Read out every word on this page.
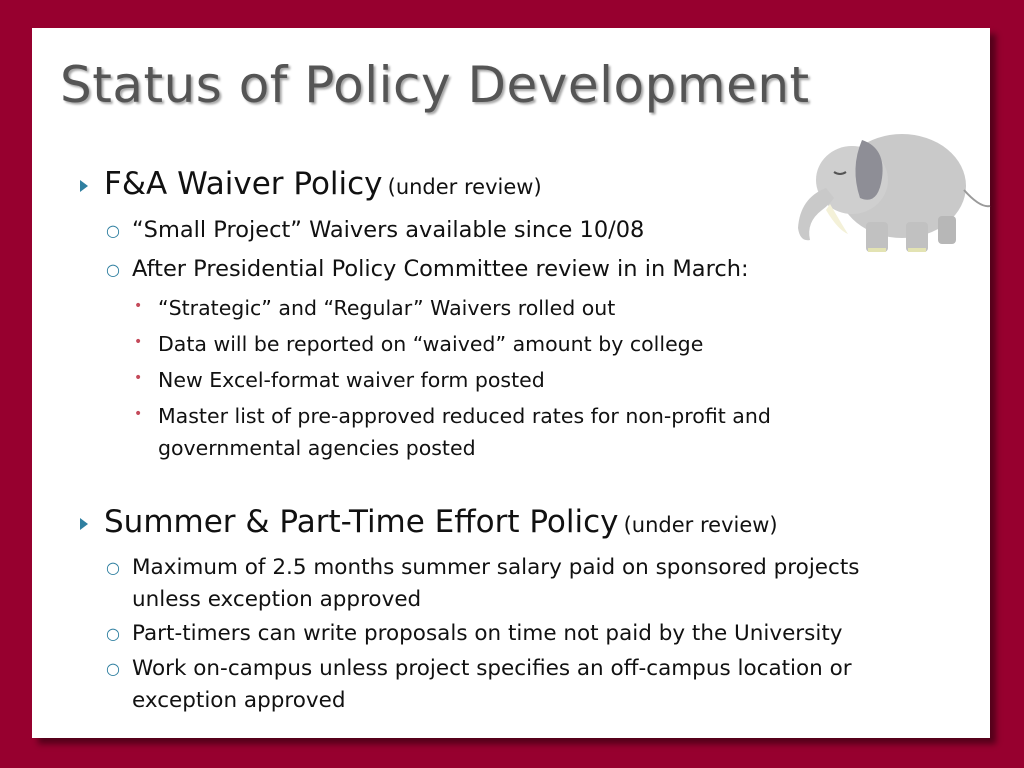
Status of Policy Development
F&A Waiver Policy (under review)
○ “Small Project” Waivers available since 10/08
○ After Presidential Policy Committee review in in March:
• “Strategic” and “Regular” Waivers rolled out
• Data will be reported on “waived” amount by college
• New Excel-format waiver form posted
• Master list of pre-approved reduced rates for non-profit and
governmental agencies posted
Summer & Part-Time Effort Policy (under review)
○ Maximum of 2.5 months summer salary paid on sponsored projects
unless exception approved
○ Part-timers can write proposals on time not paid by the University
○ Work on-campus unless project specifies an off-campus location or
exception approved
